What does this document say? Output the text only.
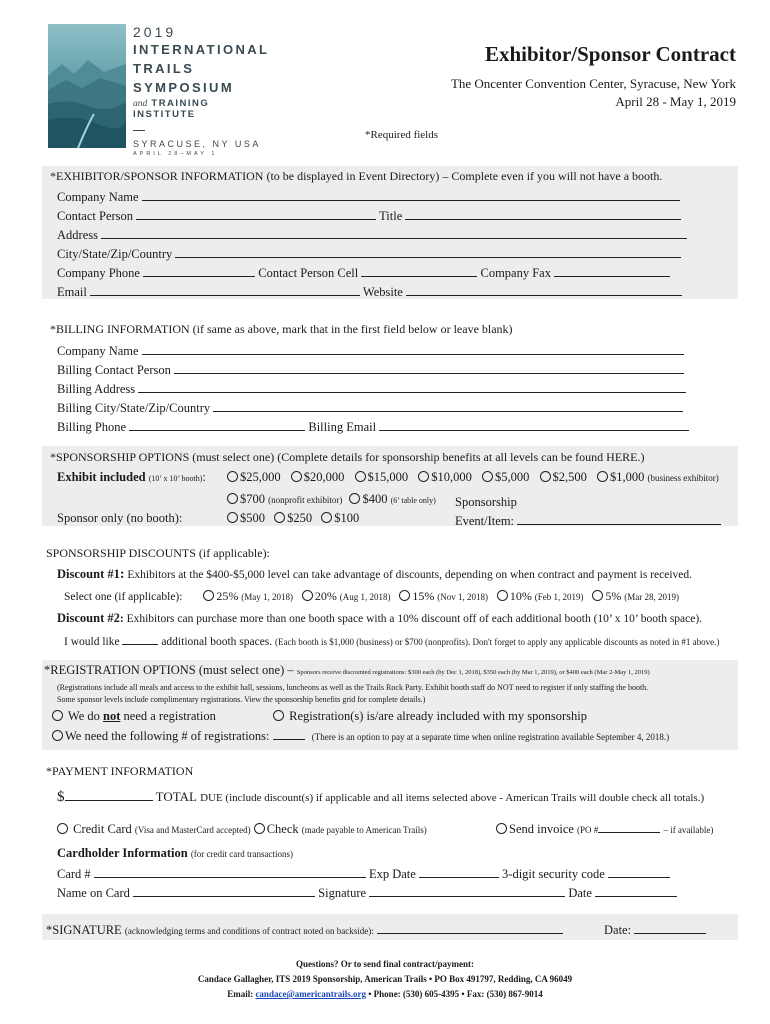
2019
INTERNATIONAL
TRAILS
SYMPOSIUM
and TRAINING INSTITUTE
SYRACUSE, NY USA
APRIL 28–MAY 1
Exhibitor/Sponsor Contract
The Oncenter Convention Center, Syracuse, New York
April 28 - May 1, 2019
*Required fields
*EXHIBITOR/SPONSOR INFORMATION (to be displayed in Event Directory) – Complete even if you will not have a booth.
Company Name
Contact Person	Title
Address
City/State/Zip/Country
Company Phone	Contact Person Cell	Company Fax
Email	Website
*BILLING INFORMATION (if same as above, mark that in the first field below or leave blank)
Company Name
Billing Contact Person
Billing Address
Billing City/State/Zip/Country
Billing Phone	Billing Email
*SPONSORSHIP OPTIONS (must select one) (Complete details for sponsorship benefits at all levels can be found HERE.)
Exhibit included (10’ x 10’ booth):	$25,000 $20,000 $15,000 $10,000 $5,000 $2,500 $1,000 (business exhibitor)
$700 (nonprofit exhibitor) $400 (6’ table only) Sponsorship
Sponsor only (no booth):	$500 $250 $100	Event/Item:
SPONSORSHIP DISCOUNTS (if applicable):
Discount #1: Exhibitors at the $400-$5,000 level can take advantage of discounts, depending on when contract and payment is received.
Select one (if applicable):	25% (May 1, 2018) 20% (Aug 1, 2018) 15% (Nov 1, 2018) 10% (Feb 1, 2019) 5% (Mar 28, 2019)
Discount #2: Exhibitors can purchase more than one booth space with a 10% discount off of each additional booth (10’ x 10’ booth space).
I would like	additional booth spaces. (Each booth is $1,000 (business) or $700 (nonprofits). Don't forget to apply any applicable discounts as noted in #1 above.)
*REGISTRATION OPTIONS (must select one) – Sponsors receive discounted registrations: $300 each (by Dec 1, 2018), $350 each (by Mar 1, 2019), or $400 each (Mar 2-May 1, 2019)
(Registrations include all meals and access to the exhibit hall, sessions, luncheons as well as the Trails Rock Party. Exhibit booth staff do NOT need to register if only staffing the booth.
Some sponsor levels include complimentary registrations. View the sponsorship benefits grid for complete details.)
We do not need a registration	Registration(s) is/are already included with my sponsorship
We need the following # of registrations:	(There is an option to pay at a separate time when online registration available September 4, 2018.)
*PAYMENT INFORMATION
$	TOTAL DUE (include discount(s) if applicable and all items selected above - American Trails will double check all totals.)
Credit Card (Visa and MasterCard accepted) Check (made payable to American Trails)	Send invoice (PO #	– if available)
Cardholder Information (for credit card transactions)
Card #	Exp Date	3-digit security code
Name on Card	Signature	Date
*SIGNATURE (acknowledging terms and conditions of contract noted on backside):	Date:
Questions? Or to send final contract/payment:
Candace Gallagher, ITS 2019 Sponsorship, American Trails • PO Box 491797, Redding, CA 96049
Email: candace@americantrails.org • Phone: (530) 605-4395 • Fax: (530) 867-9014
